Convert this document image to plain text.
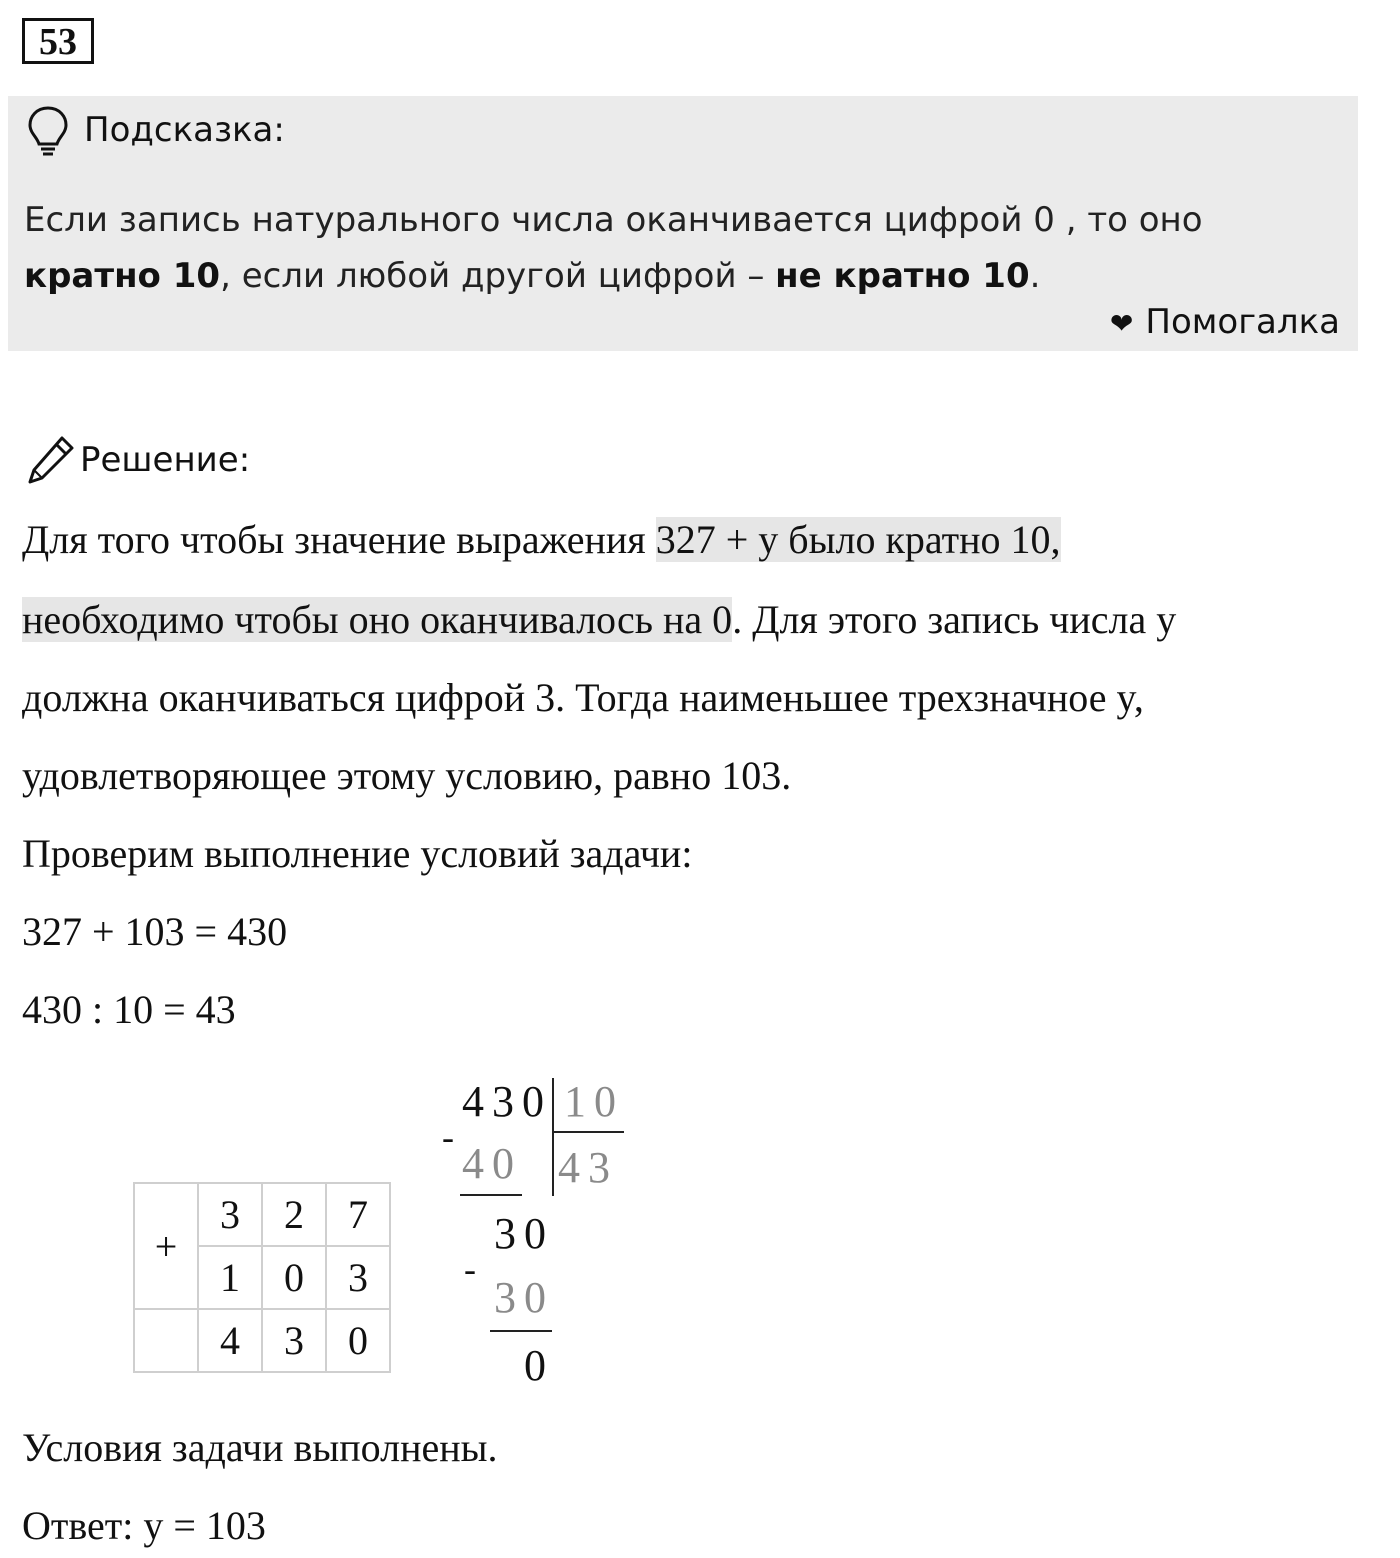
53
Подсказка:
Если запись натурального числа оканчивается цифрой 0 , то оно
кратно 10, если любой другой цифрой – не кратно 10.
❤ Помогалка
Решение:
Для того чтобы значение выражения 327 + y было кратно 10,
необходимо чтобы оно оканчивалось на 0. Для этого запись числа y
должна оканчиваться цифрой 3. Тогда наименьшее трехзначное y,
удовлетворяющее этому условию, равно 103.
Проверим выполнение условий задачи:
327 + 103 = 430
430 : 10 = 43
+	3	2	7
	1	0	3
	4	3	0
430 10
43
-
40
30
-
30
0
Условия задачи выполнены.
Ответ: y = 103
